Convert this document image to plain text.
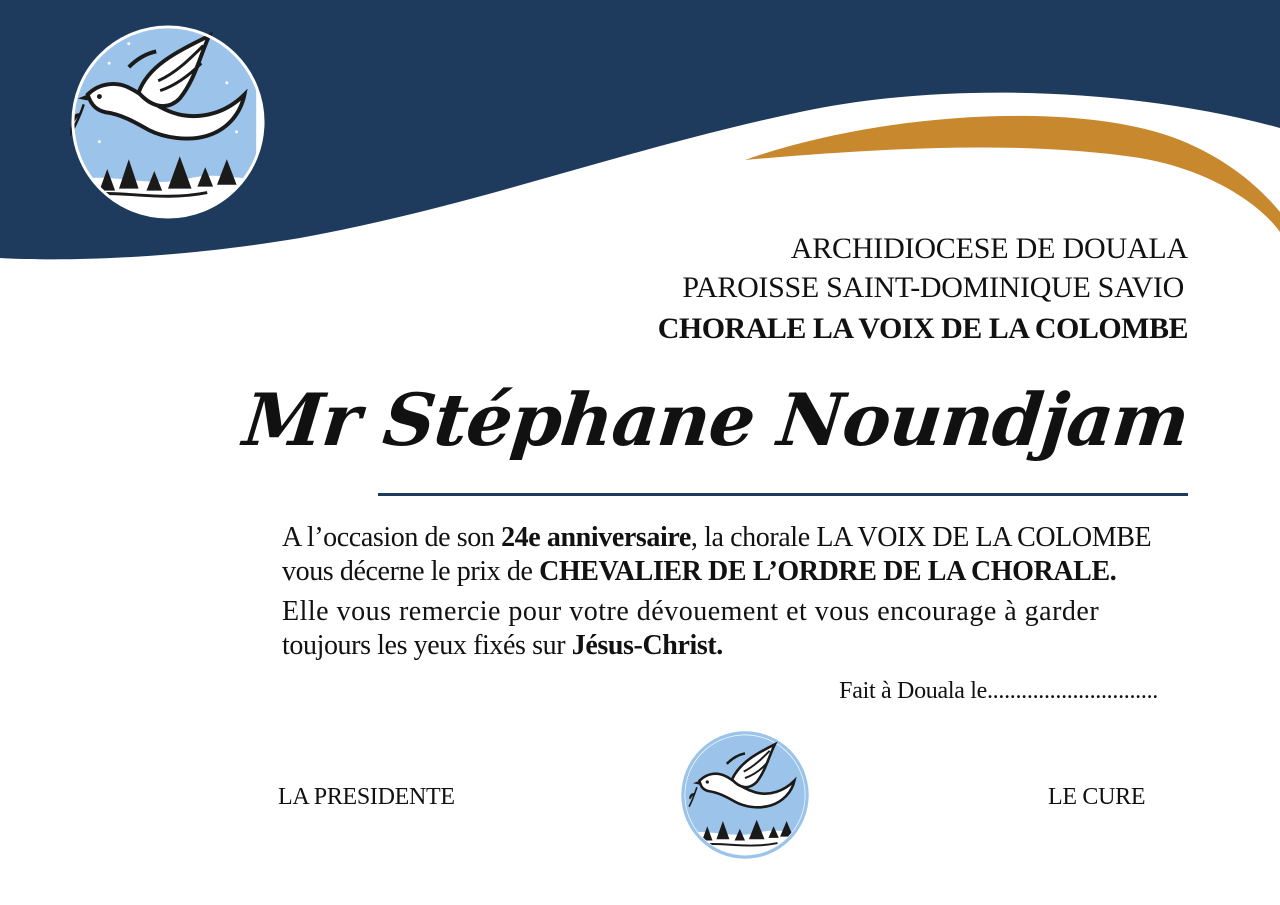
ARCHIDIOCESE DE DOUALA
PAROISSE SAINT-DOMINIQUE SAVIO
CHORALE LA VOIX DE LA COLOMBE
Mr Stéphane Noundjam
A l’occasion de son 24e anniversaire, la chorale LA VOIX DE LA COLOMBE
vous décerne le prix de CHEVALIER DE L’ORDRE DE LA CHORALE.
Elle vous remercie pour votre dévouement et vous encourage à garder
toujours les yeux fixés sur Jésus-Christ.
Fait à Douala le..............................
LA PRESIDENTE	LE CURE
